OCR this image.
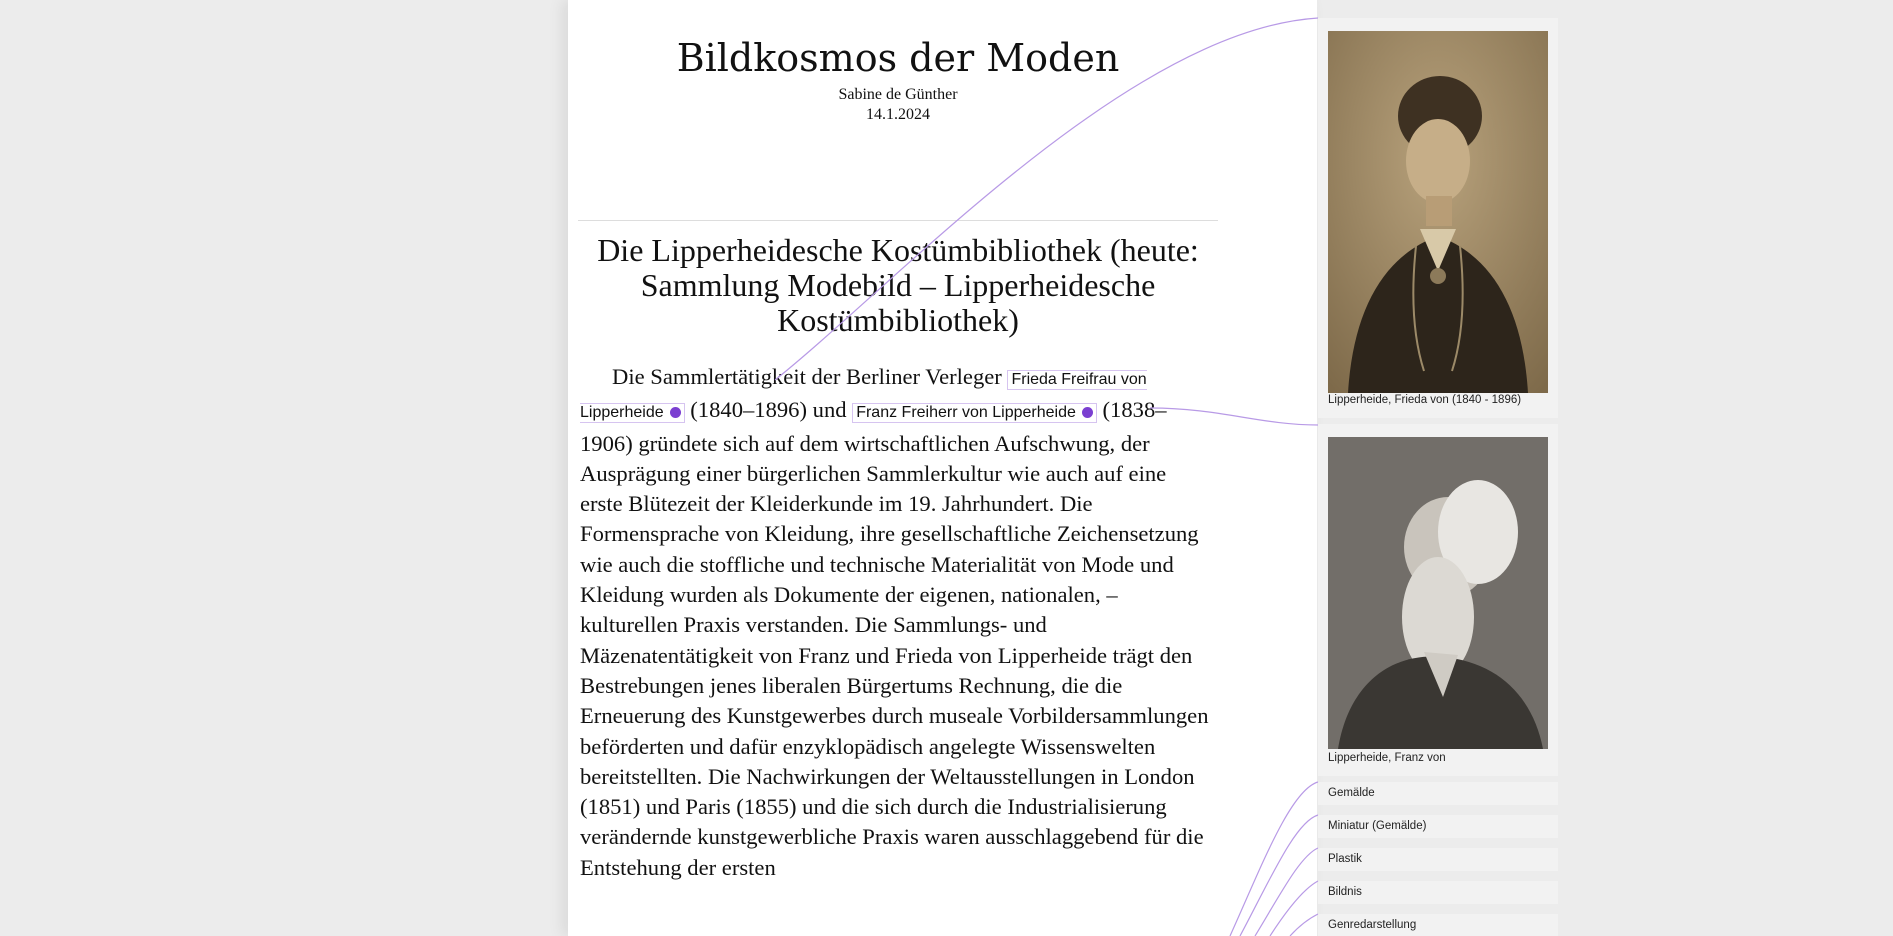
Bildkosmos der Moden
Sabine de Günther
14.1.2024
Die Lipperheidesche Kostümbibliothek (heute: Sammlung Modebild – Lipperheidesche Kostümbibliothek)

Die Sammlertätigkeit der Berliner Verleger Frieda Freifrau von Lipperheide (1840–1896) und Franz Freiherr von Lipperheide (1838–1906) gründete sich auf dem wirtschaftlichen Aufschwung, der Ausprägung einer bürgerlichen Sammlerkultur wie auch auf eine erste Blütezeit der Kleiderkunde im 19. Jahrhundert. Die Formensprache von Kleidung, ihre gesellschaftliche Zeichensetzung wie auch die stoffliche und technische Materialität von Mode und Kleidung wurden als Dokumente der eigenen, nationalen, – kulturellen Praxis verstanden. Die Sammlungs- und Mäzenatentätigkeit von Franz und Frieda von Lipperheide trägt den Bestrebungen jenes liberalen Bürgertums Rechnung, die die Erneuerung des Kunstgewerbes durch museale Vorbildersammlungen beförderten und dafür enzyklopädisch angelegte Wissenswelten bereitstellten. Die Nachwirkungen der Weltausstellungen in London (1851) und Paris (1855) und die sich durch die Industrialisierung verändernde kunstgewerbliche Praxis waren ausschlaggebend für die Entstehung der ersten

Lipperheide, Frieda von (1840 - 1896)
Lipperheide, Franz von
Gemälde
Miniatur (Gemälde)
Plastik
Bildnis
Genredarstellung
